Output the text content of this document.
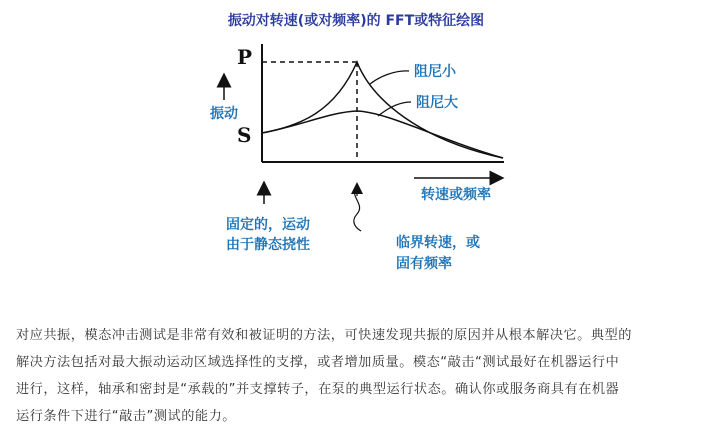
振动对转速(或对频率)的 FFT或特征绘图
P
S
阻尼小
阻尼大
振动
转速或频率
固定的，运动
由于静态挠性	临界转速，或
固有频率

对应共振，模态冲击测试是非常有效和被证明的方法，可快速发现共振的原因并从根本解决它。典型的
解决方法包括对最大振动运动区域选择性的支撑，或者增加质量。模态“敲击“测试最好在机器运行中
进行，这样，轴承和密封是“承载的”并支撑转子，在泵的典型运行状态。确认你或服务商具有在机器
运行条件下进行“敲击”测试的能力。
